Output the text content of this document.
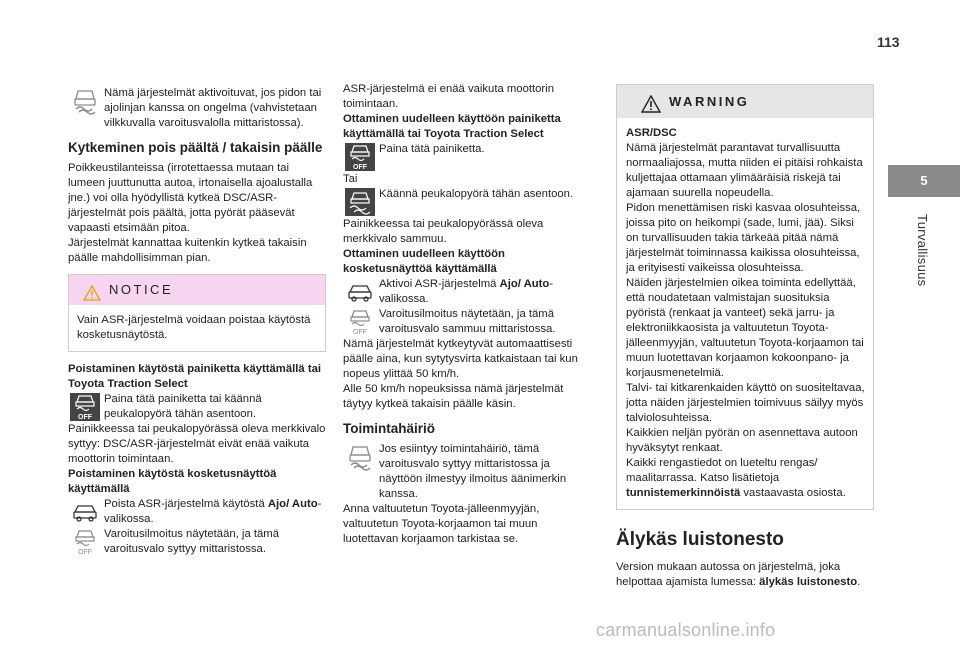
113
5
Turvallisuus

Nämä järjestelmät aktivoituvat, jos pidon tai ajolinjan kanssa on ongelma (vahvistetaan vilkkuvalla varoitusvalolla mittaristossa).

Kytkeminen pois päältä / takaisin päälle

Poikkeustilanteissa (irrotettaessa mutaan tai lumeen juuttunutta autoa, irtonaisella ajoalustalla jne.) voi olla hyödyllistä kytkeä DSC/ASR-järjestelmät pois päältä, jotta pyörät pääsevät vapaasti etsimään pitoa.

Järjestelmät kannattaa kuitenkin kytkeä takaisin päälle mahdollisimman pian.

NOTICE

Vain ASR-järjestelmä voidaan poistaa käytöstä kosketusnäytöstä.

Poistaminen käytöstä painiketta käyttämällä tai Toyota Traction Select

OFF

Paina tätä painiketta tai käännä peukalopyörä tähän asentoon.

Painikkeessa tai peukalopyörässä oleva merkkivalo syttyy: DSC/ASR-järjestelmät eivät enää vaikuta moottorin toimintaan.

Poistaminen käytöstä kosketusnäyttöä käyttämällä

Poista ASR-järjestelmä käytöstä Ajo/ Auto-valikossa.

OFF

Varoitusilmoitus näytetään, ja tämä varoitusvalo syttyy mittaristossa.

ASR-järjestelmä ei enää vaikuta moottorin toimintaan.

Ottaminen uudelleen käyttöön painiketta käyttämällä tai Toyota Traction Select

OFF

Paina tätä painiketta.

Tai

Käännä peukalopyörä tähän asentoon.

Painikkeessa tai peukalopyörässä oleva merkkivalo sammuu.

Ottaminen uudelleen käyttöön kosketusnäyttöä käyttämällä

Aktivoi ASR-järjestelmä Ajo/ Auto-valikossa.

OFF

Varoitusilmoitus näytetään, ja tämä varoitusvalo sammuu mittaristossa.

Nämä järjestelmät kytkeytyvät automaattisesti päälle aina, kun sytytysvirta katkaistaan tai kun nopeus ylittää 50 km/h.

Alle 50 km/h nopeuksissa nämä järjestelmät täytyy kytkeä takaisin päälle käsin.

Toimintahäiriö

Jos esiintyy toimintahäiriö, tämä varoitusvalo syttyy mittaristossa ja näyttöön ilmestyy ilmoitus äänimerkin kanssa.

Anna valtuutetun Toyota-jälleenmyyjän, valtuutetun Toyota-korjaamon tai muun luotettavan korjaamon tarkistaa se.

WARNING

ASR/DSC

Nämä järjestelmät parantavat turvallisuutta normaaliajossa, mutta niiden ei pitäisi rohkaista kuljettajaa ottamaan ylimääräisiä riskejä tai ajamaan suurella nopeudella.

Pidon menettämisen riski kasvaa olosuhteissa, joissa pito on heikompi (sade, lumi, jää). Siksi on turvallisuuden takia tärkeää pitää nämä järjestelmät toiminnassa kaikissa olosuhteissa, ja erityisesti vaikeissa olosuhteissa.

Näiden järjestelmien oikea toiminta edellyttää, että noudatetaan valmistajan suosituksia pyöristä (renkaat ja vanteet) sekä jarru- ja elektroniikkaosista ja valtuutetun Toyota-jälleenmyyjän, valtuutetun Toyota-korjaamon tai muun luotettavan korjaamon kokoonpano- ja korjausmenetelmiä.

Talvi- tai kitkarenkaiden käyttö on suositeltavaa, jotta näiden järjestelmien toimivuus säilyy myös talviolosuhteissa.

Kaikkien neljän pyörän on asennettava autoon hyväksytyt renkaat.

Kaikki rengastiedot on lueteltu rengas/ maalitarrassa. Katso lisätietoja tunnistemerkinnöistä vastaavasta osiosta.

Älykäs luistonesto

Version mukaan autossa on järjestelmä, joka helpottaa ajamista lumessa: älykäs luistonesto.

carmanualsonline.info
